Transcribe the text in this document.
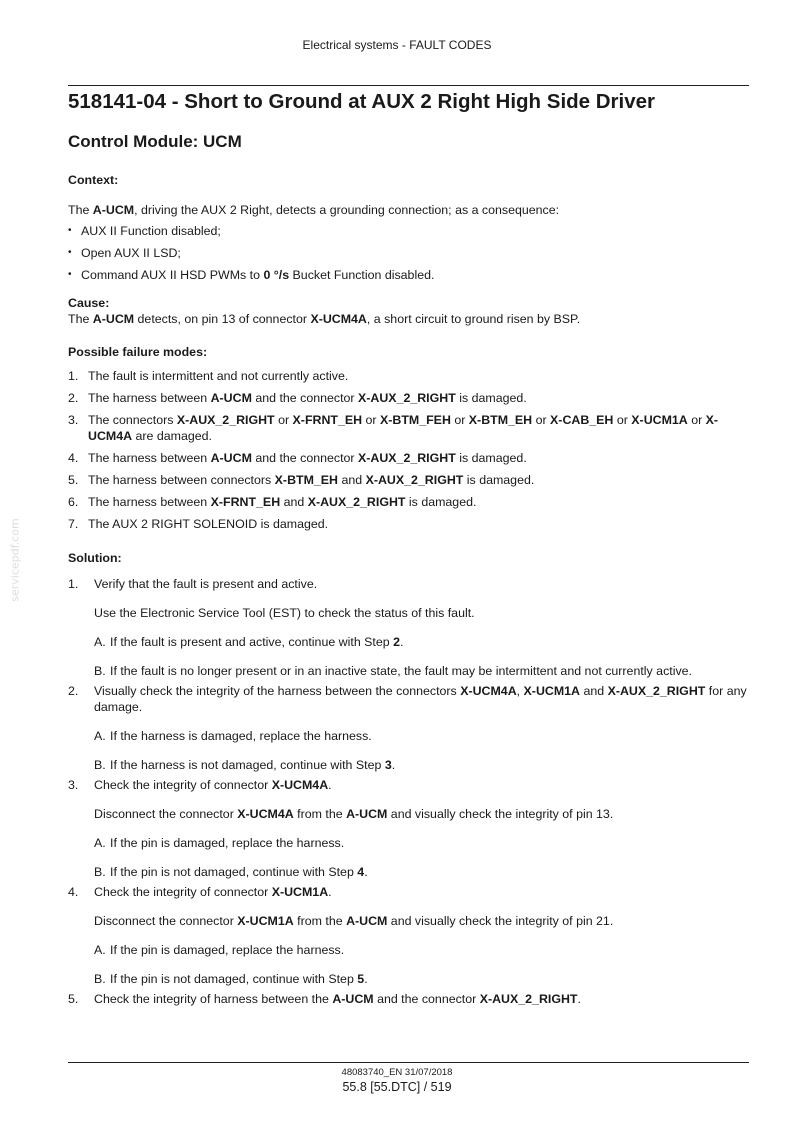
Electrical systems - FAULT CODES
518141-04 - Short to Ground at AUX 2 Right High Side Driver
Control Module: UCM
servicepdf.com

Context:

The A-UCM, driving the AUX 2 Right, detects a grounding connection; as a consequence:

• AUX II Function disabled;
• Open AUX II LSD;
• Command AUX II HSD PWMs to 0 °/s Bucket Function disabled.

Cause:

The A-UCM detects, on pin 13 of connector X-UCM4A, a short circuit to ground risen by BSP.

Possible failure modes:

1. The fault is intermittent and not currently active.
2. The harness between A-UCM and the connector X-AUX_2_RIGHT is damaged.
3. The connectors X-AUX_2_RIGHT or X-FRNT_EH or X-BTM_FEH or X-BTM_EH or X-CAB_EH or X-UCM1A or X-UCM4A are damaged.
4. The harness between A-UCM and the connector X-AUX_2_RIGHT is damaged.
5. The harness between connectors X-BTM_EH and X-AUX_2_RIGHT is damaged.
6. The harness between X-FRNT_EH and X-AUX_2_RIGHT is damaged.
7. The AUX 2 RIGHT SOLENOID is damaged.

Solution:

1. Verify that the fault is present and active.

Use the Electronic Service Tool (EST) to check the status of this fault.

A. If the fault is present and active, continue with Step 2.

B. If the fault is no longer present or in an inactive state, the fault may be intermittent and not currently active.

2. Visually check the integrity of the harness between the connectors X-UCM4A, X-UCM1A and X-AUX_2_RIGHT for any damage.

A. If the harness is damaged, replace the harness.

B. If the harness is not damaged, continue with Step 3.

3. Check the integrity of connector X-UCM4A.

Disconnect the connector X-UCM4A from the A-UCM and visually check the integrity of pin 13.

A. If the pin is damaged, replace the harness.

B. If the pin is not damaged, continue with Step 4.

4. Check the integrity of connector X-UCM1A.

Disconnect the connector X-UCM1A from the A-UCM and visually check the integrity of pin 21.

A. If the pin is damaged, replace the harness.

B. If the pin is not damaged, continue with Step 5.

5. Check the integrity of harness between the A-UCM and the connector X-AUX_2_RIGHT.
48083740_EN 31/07/2018
55.8 [55.DTC] / 519
